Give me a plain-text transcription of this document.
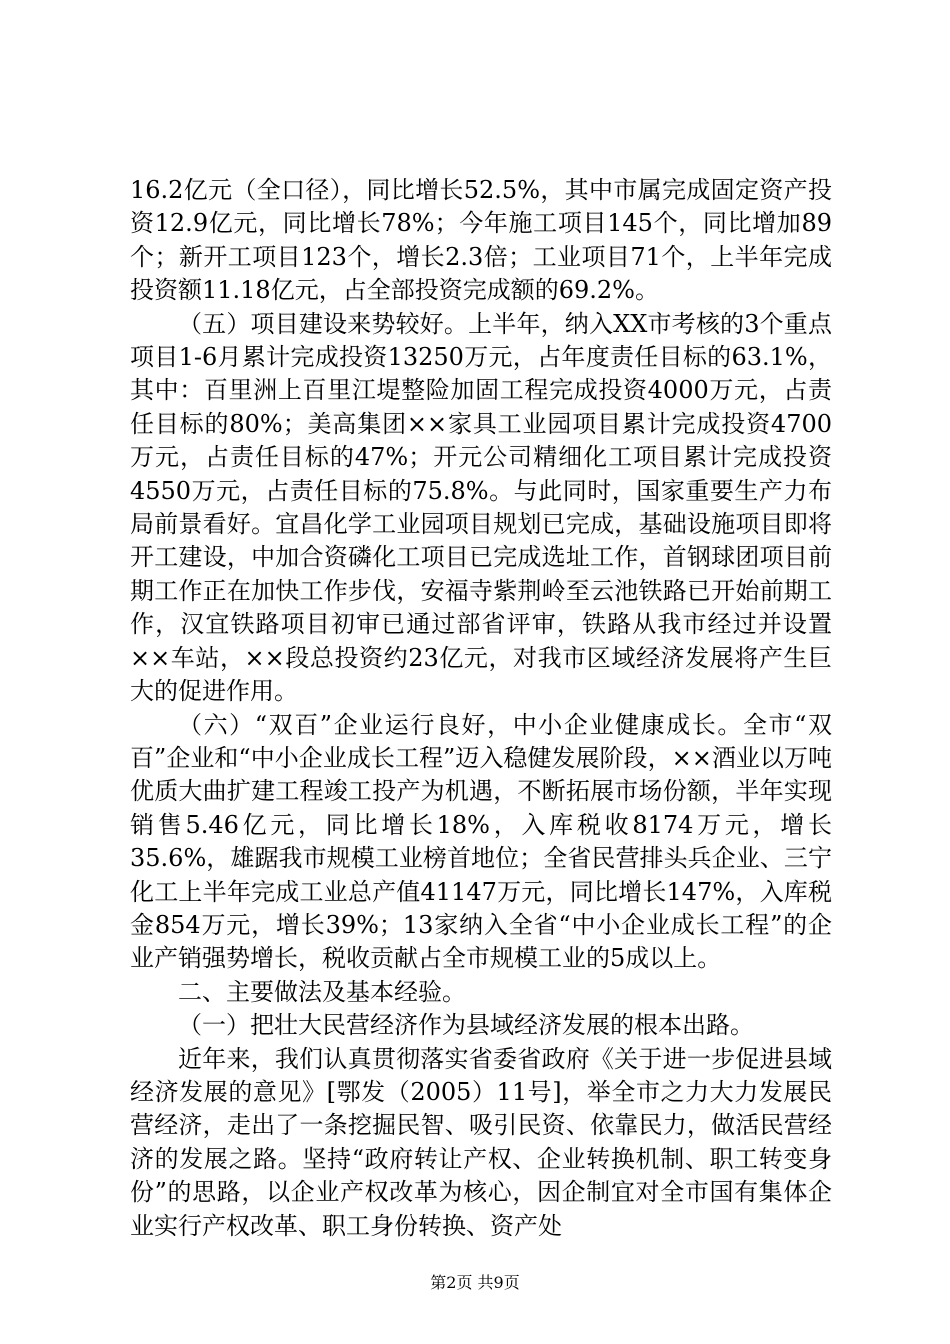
16.2亿元（全口径），同比增长52.5%，其中市属完成固定资产投资12.9亿元，同比增长78%；今年施工项目145个，同比增加89个；新开工项目123个，增长2.3倍；工业项目71个，上半年完成投资额11.18亿元，占全部投资完成额的69.2%。

（五）项目建设来势较好。上半年，纳入XX市考核的3个重点项目1-6月累计完成投资13250万元，占年度责任目标的63.1%，其中：百里洲上百里江堤整险加固工程完成投资4000万元，占责任目标的80%；美高集团××家具工业园项目累计完成投资4700万元，占责任目标的47%；开元公司精细化工项目累计完成投资4550万元，占责任目标的75.8%。与此同时，国家重要生产力布局前景看好。宜昌化学工业园项目规划已完成，基础设施项目即将开工建设，中加合资磷化工项目已完成选址工作，首钢球团项目前期工作正在加快工作步伐，安福寺紫荆岭至云池铁路已开始前期工作，汉宜铁路项目初审已通过部省评审，铁路从我市经过并设置××车站，××段总投资约23亿元，对我市区域经济发展将产生巨大的促进作用。

（六）“双百”企业运行良好，中小企业健康成长。全市“双百”企业和“中小企业成长工程”迈入稳健发展阶段，××酒业以万吨优质大曲扩建工程竣工投产为机遇，不断拓展市场份额，半年实现销售5.46亿元，同比增长18%，入库税收8174万元，增长35.6%，雄踞我市规模工业榜首地位；全省民营排头兵企业、三宁化工上半年完成工业总产值41147万元，同比增长147%，入库税金854万元，增长39%；13家纳入全省“中小企业成长工程”的企业产销强势增长，税收贡献占全市规模工业的5成以上。

二、主要做法及基本经验。

（一）把壮大民营经济作为县域经济发展的根本出路。

近年来，我们认真贯彻落实省委省政府《关于进一步促进县域经济发展的意见》[鄂发（2005）11号]，举全市之力大力发展民营经济，走出了一条挖掘民智、吸引民资、依靠民力，做活民营经济的发展之路。坚持“政府转让产权、企业转换机制、职工转变身份”的思路，以企业产权改革为核心，因企制宜对全市国有集体企业实行产权改革、职工身份转换、资产处

第2页 共9页
